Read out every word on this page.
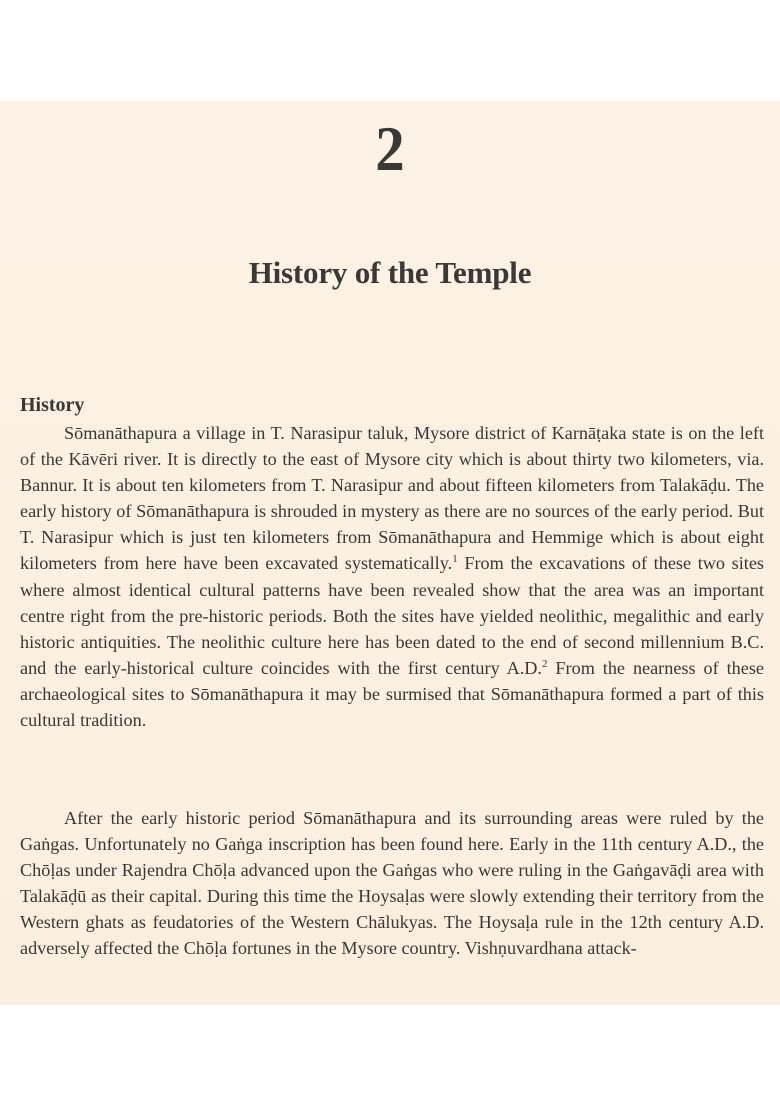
2
History of the Temple
History

Sōmanāthapura a village in T. Narasipur taluk, Mysore district of Karnāṭaka state is on the left of the Kāvēri river. It is directly to the east of Mysore city which is about thirty two kilometers, via. Bannur. It is about ten kilometers from T. Narasipur and about fifteen kilometers from Talakāḍu. The early history of Sōmanāthapura is shrouded in mystery as there are no sources of the early period. But T. Narasipur which is just ten kilometers from Sōmanāthapura and Hemmige which is about eight kilometers from here have been excavated systematically.$^1$ From the excavations of these two sites where almost identical cultural patterns have been revealed show that the area was an important centre right from the pre-historic periods. Both the sites have yielded neolithic, megalithic and early historic antiquities. The neolithic culture here has been dated to the end of second millennium B.C. and the early-historical culture coincides with the first century A.D.$^2$ From the nearness of these archaeological sites to Sōmanāthapura it may be surmised that Sōmanāthapura formed a part of this cultural tradition.

After the early historic period Sōmanāthapura and its surrounding areas were ruled by the Gaṅgas. Unfortunately no Gaṅga inscription has been found here. Early in the 11th century A.D., the Chōḷas under Rajendra Chōḷa advanced upon the Gaṅgas who were ruling in the Gaṅgavāḍi area with Talakāḍū as their capital. During this time the Hoysaḷas were slowly extending their territory from the Western ghats as feudatories of the Western Chālukyas. The Hoysaḷa rule in the 12th century A.D. adversely affected the Chōḷa fortunes in the Mysore country. Vishṇuvardhana attack-
